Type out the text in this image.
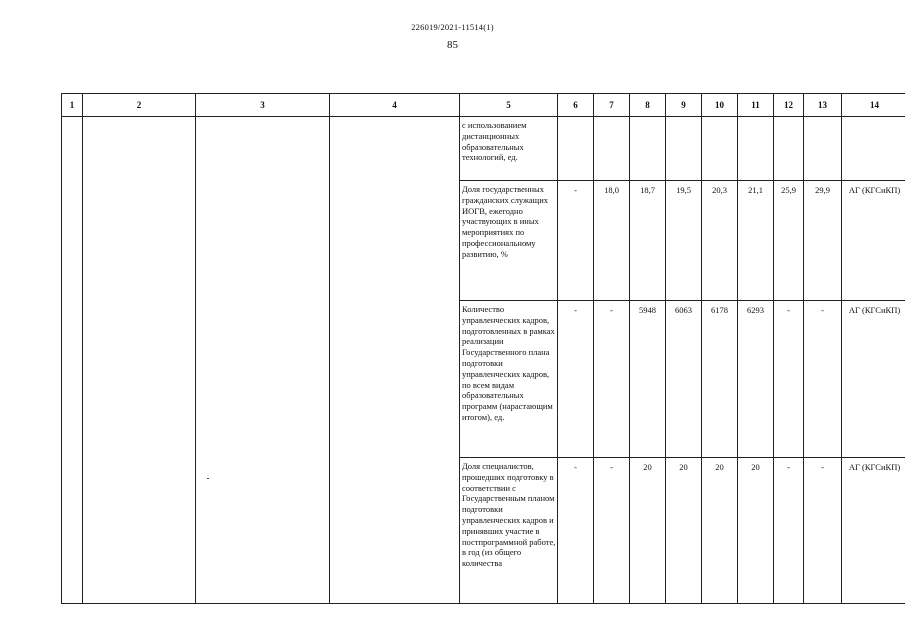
226019/2021-11514(1)
85
1	2	3	4	5	6	7	8	9	10	11	12	13	14
				с использованием дистанционных образовательных технологий, ед.									
				Доля государственных гражданских служащих ИОГВ, ежегодно участвующих в иных мероприятиях по профессиональному развитию, %	-	18,0	18,7	19,5	20,3	21,1	25,9	29,9	АГ (КГСиКП)
				Количество управленческих кадров, подготовленных в рамках реализации Государственного плана подготовки управленческих кадров, по всем видам образовательных программ (нарастающим итогом), ед.	-	-	5948	6063	6178	6293	-	-	АГ (КГСиКП)
				Доля специалистов, прошедших подготовку в соответствии с Государственным планом подготовки управленческих кадров и принявших участие в постпрограммной работе, в год (из общего количества	-	-	20	20	20	20	-	-	АГ (КГСиКП)
